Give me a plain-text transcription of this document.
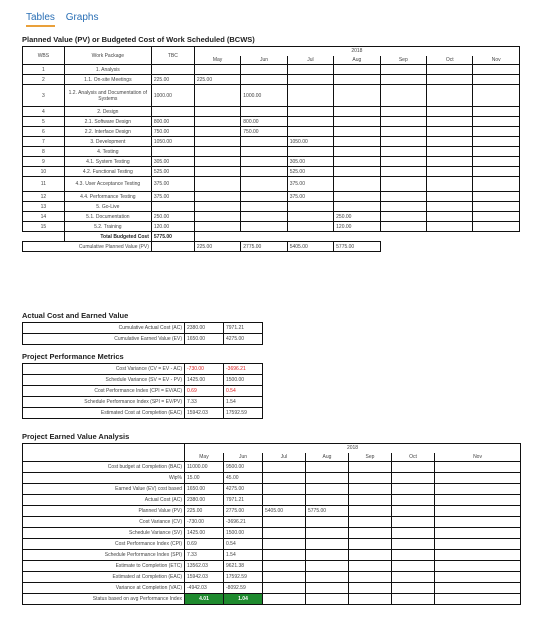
Tables Graphs
Planned Value (PV) or Budgeted Cost of Work Scheduled (BCWS)
WBS	Work Package	TBC	2018						
			May	Jun	Jul	Aug	Sep	Oct	Nov
1	1. Analysis								
2	1.1. On-site Meetings	225.00	225.00						
3	1.2. Analysis and Documentation of Systems	1000.00		1000.00					
4	2. Design								
5	2.1. Software Design	800.00		800.00					
6	2.2. Interface Design	750.00		750.00					
7	3. Development	1050.00			1050.00				
8	4. Testing								
9	4.1. System Testing	305.00			305.00				
10	4.2. Functional Testing	525.00			525.00				
11	4.3. User Acceptance Testing	375.00			375.00				
12	4.4. Performance Testing	375.00			375.00				
13	5. Go-Live								
14	5.1. Documentation	250.00				250.00			
15	5.2. Training	120.00				120.00			
	Total Budgeted Cost	5775.00							
Cumulative Planned Value (PV)			225.00	2775.00	5405.00	5775.00			
Actual Cost and Earned Value
Cumulative Actual Cost (AC)	2380.00	7971.21
Cumulative Earned Value (EV)	1650.00	4275.00
Project Performance Metrics
Cost Variance (CV = EV - AC)	-730.00	-3696.21
Schedule Variance (SV = EV - PV)	1425.00	1500.00
Cost Performance Index (CPI = EV/AC)	0.69	0.54
Schedule Performance Index (SPI = EV/PV)	7.33	1.54
Estimated Cost at Completion (EAC)	15942.03	17592.59
Project Earned Value Analysis
	2018						
	May	Jun	Jul	Aug	Sep	Oct	Nov
Cost budget at Completion (BAC)	11000.00	9500.00					
Wip%	15.00	45.00					
Earned Value (EV) cost based	1650.00	4275.00					
Actual Cost (AC)	2380.00	7971.21					
Planned Value (PV)	225.00	2775.00	5405.00	5775.00			
Cost Variance (CV)	-730.00	-3696.21					
Schedule Variance (SV)	1425.00	1500.00					
Cost Performance Index (CPI)	0.69	0.54					
Schedule Performance Index (SPI)	7.33	1.54					
Estimate to Completion (ETC)	13562.03	9621.38					
Estimated at Completion (EAC)	15942.03	17592.59					
Variance at Completion (VAC)	-4942.03	-8092.59					
Status based on avg Performance Index	4.01	1.04					
